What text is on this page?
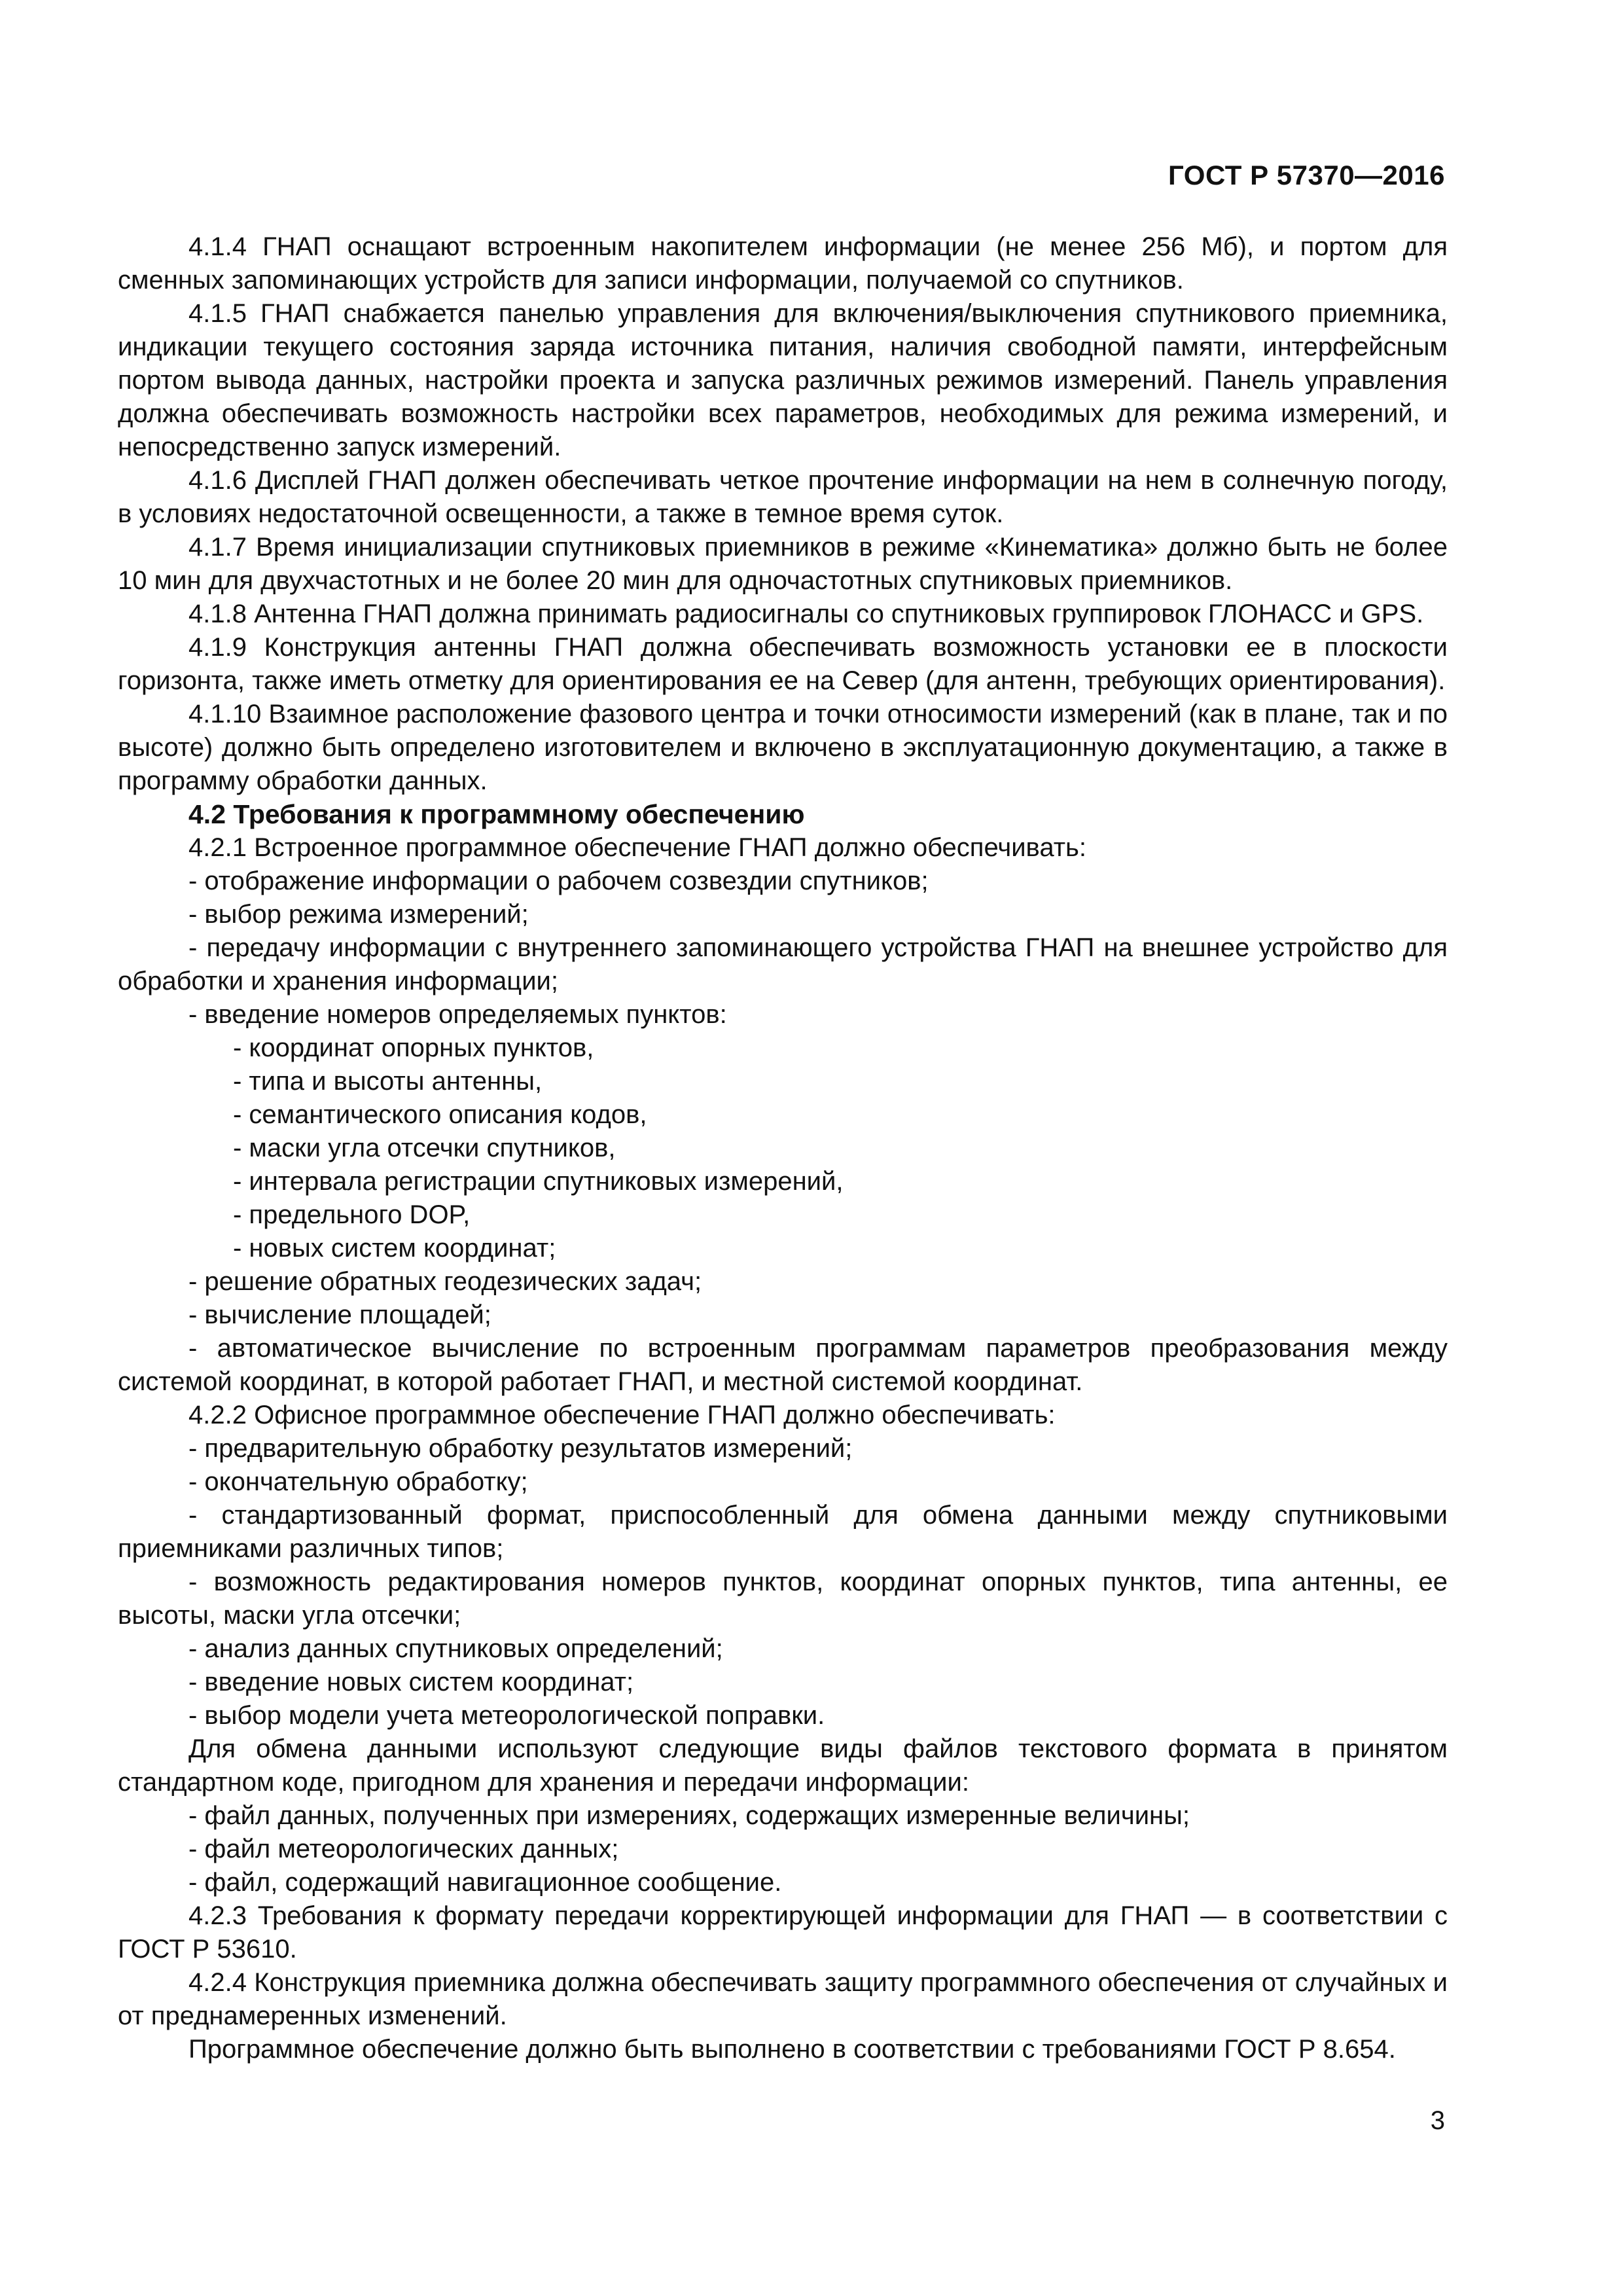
ГОСТ Р 57370—2016

4.1.4 ГНАП оснащают встроенным накопителем информации (не менее 256 Мб), и портом для сменных запоминающих устройств для записи информации, получаемой со спутников.

4.1.5 ГНАП снабжается панелью управления для включения/выключения спутникового приемника, индикации текущего состояния заряда источника питания, наличия свободной памяти, интерфейсным портом вывода данных, настройки проекта и запуска различных режимов измерений. Панель управления должна обеспечивать возможность настройки всех параметров, необходимых для режима измерений, и непосредственно запуск измерений.

4.1.6 Дисплей ГНАП должен обеспечивать четкое прочтение информации на нем в солнечную погоду, в условиях недостаточной освещенности, а также в темное время суток.

4.1.7 Время инициализации спутниковых приемников в режиме «Кинематика» должно быть не более 10 мин для двухчастотных и не более 20 мин для одночастотных спутниковых приемников.

4.1.8 Антенна ГНАП должна принимать радиосигналы со спутниковых группировок ГЛОНАСС и GPS.

4.1.9 Конструкция антенны ГНАП должна обеспечивать возможность установки ее в плоскости горизонта, также иметь отметку для ориентирования ее на Север (для антенн, требующих ориентирования).

4.1.10 Взаимное расположение фазового центра и точки относимости измерений (как в плане, так и по высоте) должно быть определено изготовителем и включено в эксплуатационную документацию, а также в программу обработки данных.

4.2 Требования к программному обеспечению

4.2.1 Встроенное программное обеспечение ГНАП должно обеспечивать:

- отображение информации о рабочем созвездии спутников;

- выбор режима измерений;

- передачу информации с внутреннего запоминающего устройства ГНАП на внешнее устройство для обработки и хранения информации;

- введение номеров определяемых пунктов:

- координат опорных пунктов,

- типа и высоты антенны,

- семантического описания кодов,

- маски угла отсечки спутников,

- интервала регистрации спутниковых измерений,

- предельного DOP,

- новых систем координат;

- решение обратных геодезических задач;

- вычисление площадей;

- автоматическое вычисление по встроенным программам параметров преобразования между системой координат, в которой работает ГНАП, и местной системой координат.

4.2.2 Офисное программное обеспечение ГНАП должно обеспечивать:

- предварительную обработку результатов измерений;

- окончательную обработку;

- стандартизованный формат, приспособленный для обмена данными между спутниковыми приемниками различных типов;

- возможность редактирования номеров пунктов, координат опорных пунктов, типа антенны, ее высоты, маски угла отсечки;

- анализ данных спутниковых определений;

- введение новых систем координат;

- выбор модели учета метеорологической поправки.

Для обмена данными используют следующие виды файлов текстового формата в принятом стандартном коде, пригодном для хранения и передачи информации:

- файл данных, полученных при измерениях, содержащих измеренные величины;

- файл метеорологических данных;

- файл, содержащий навигационное сообщение.

4.2.3 Требования к формату передачи корректирующей информации для ГНАП — в соответствии с ГОСТ Р 53610.

4.2.4 Конструкция приемника должна обеспечивать защиту программного обеспечения от случайных и от преднамеренных изменений.

Программное обеспечение должно быть выполнено в соответствии с требованиями ГОСТ Р 8.654.

3
